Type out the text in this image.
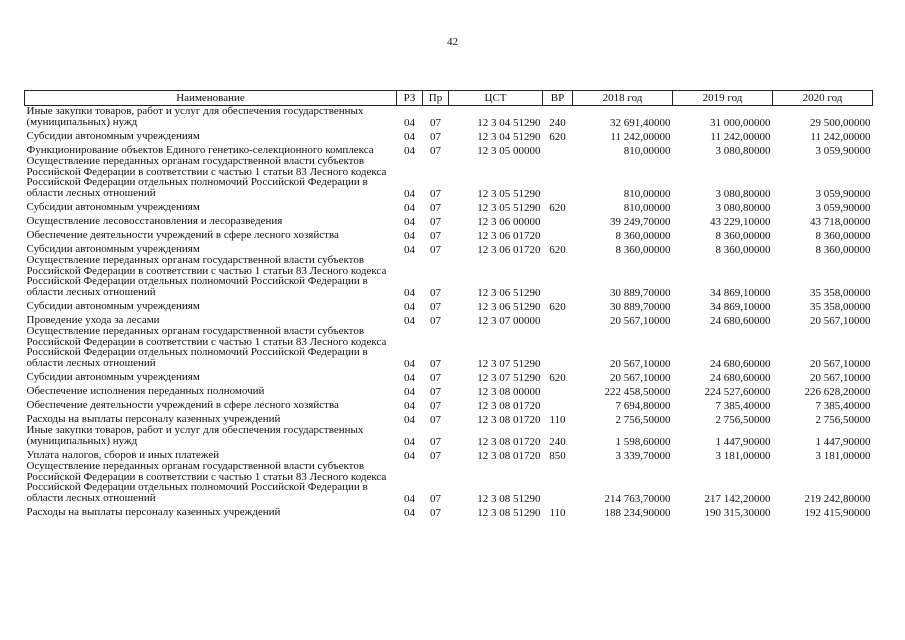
42
Наименование	РЗ	Пр	ЦСТ	ВР	2018 год	2019 год	2020 год
Иные закупки товаров, работ и услуг для обеспечения государственных (муниципальных) нужд	04	07	12 3 04 51290	240	32 691,40000	31 000,00000	29 500,00000
Субсидии автономным учреждениям	04	07	12 3 04 51290	620	11 242,00000	11 242,00000	11 242,00000
Функционирование объектов Единого генетико-селекционного комплекса	04	07	12 3 05 00000		810,00000	3 080,80000	3 059,90000
Осуществление переданных органам государственной власти субъектов Российской Федерации в соответствии с частью 1 статьи 83 Лесного кодекса Российской Федерации отдельных полномочий Российской Федерации в области лесных отношений	04	07	12 3 05 51290		810,00000	3 080,80000	3 059,90000
Субсидии автономным учреждениям	04	07	12 3 05 51290	620	810,00000	3 080,80000	3 059,90000
Осуществление лесовосстановления и лесоразведения	04	07	12 3 06 00000		39 249,70000	43 229,10000	43 718,00000
Обеспечение деятельности учреждений в сфере лесного хозяйства	04	07	12 3 06 01720		8 360,00000	8 360,00000	8 360,00000
Субсидии автономным учреждениям	04	07	12 3 06 01720	620	8 360,00000	8 360,00000	8 360,00000
Осуществление переданных органам государственной власти субъектов Российской Федерации в соответствии с частью 1 статьи 83 Лесного кодекса Российской Федерации отдельных полномочий Российской Федерации в области лесных отношений	04	07	12 3 06 51290		30 889,70000	34 869,10000	35 358,00000
Субсидии автономным учреждениям	04	07	12 3 06 51290	620	30 889,70000	34 869,10000	35 358,00000
Проведение ухода за лесами	04	07	12 3 07 00000		20 567,10000	24 680,60000	20 567,10000
Осуществление переданных органам государственной власти субъектов Российской Федерации в соответствии с частью 1 статьи 83 Лесного кодекса Российской Федерации отдельных полномочий Российской Федерации в области лесных отношений	04	07	12 3 07 51290		20 567,10000	24 680,60000	20 567,10000
Субсидии автономным учреждениям	04	07	12 3 07 51290	620	20 567,10000	24 680,60000	20 567,10000
Обеспечение исполнения переданных полномочий	04	07	12 3 08 00000		222 458,50000	224 527,60000	226 628,20000
Обеспечение деятельности учреждений в сфере лесного хозяйства	04	07	12 3 08 01720		7 694,80000	7 385,40000	7 385,40000
Расходы на выплаты персоналу казенных учреждений	04	07	12 3 08 01720	110	2 756,50000	2 756,50000	2 756,50000
Иные закупки товаров, работ и услуг для обеспечения государственных (муниципальных) нужд	04	07	12 3 08 01720	240	1 598,60000	1 447,90000	1 447,90000
Уплата налогов, сборов и иных платежей	04	07	12 3 08 01720	850	3 339,70000	3 181,00000	3 181,00000
Осуществление переданных органам государственной власти субъектов Российской Федерации в соответствии с частью 1 статьи 83 Лесного кодекса Российской Федерации отдельных полномочий Российской Федерации в области лесных отношений	04	07	12 3 08 51290		214 763,70000	217 142,20000	219 242,80000
Расходы на выплаты персоналу казенных учреждений	04	07	12 3 08 51290	110	188 234,90000	190 315,30000	192 415,90000
